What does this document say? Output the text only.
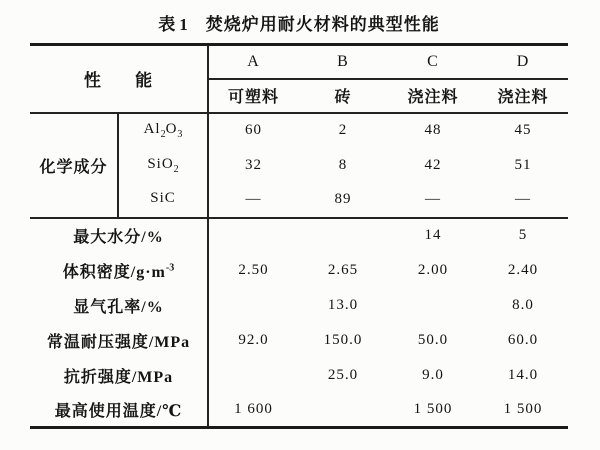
表1 焚烧炉用耐火材料的典型性能
性 能		A	B	C	D
		可塑料	砖	浇注料	浇注料
化学成分	$Al_2O_3$	60	2	48	45
	SiO$_2$	32	8	42	51
	SiC	—	89	—	—
最大水分/%				14	5
体积密度$/g\cdot m^{-3}$		2.50	2.65	2.00	2.40
显气孔率/%			13.0		8.0
常温耐压强度/MPa		92.0	150.0	50.0	60.0
抗折强度/MPa			25.0	9.0	14.0
最高使用温度/℃		1 600		1 500	1 500
